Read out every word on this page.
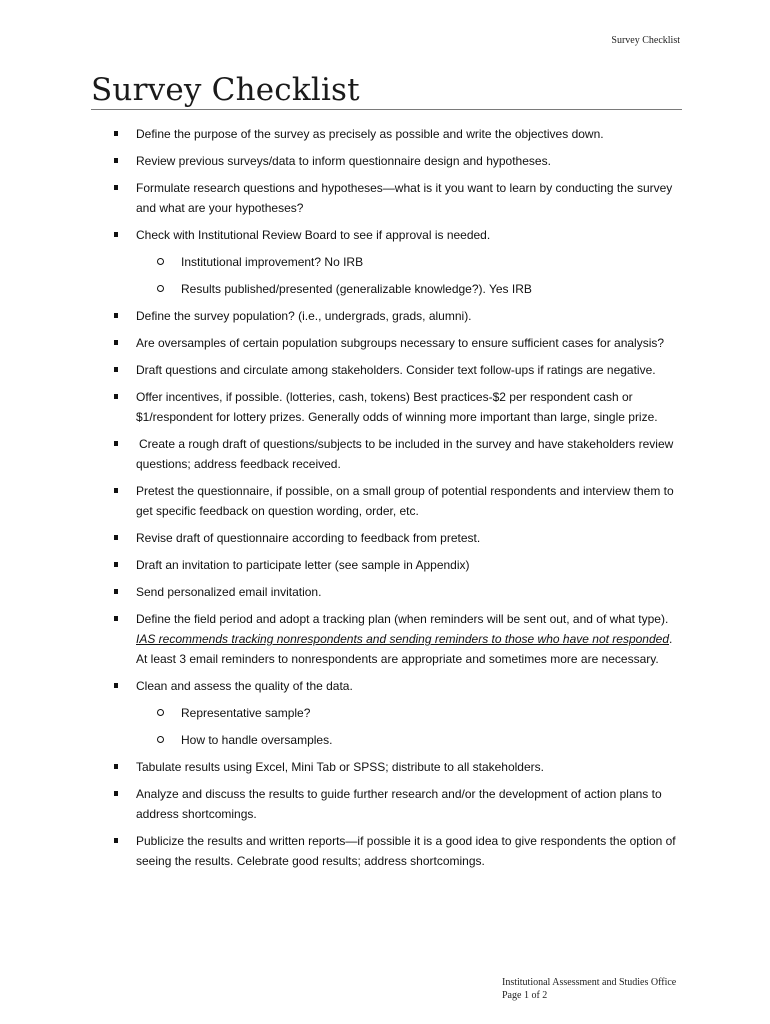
Survey Checklist
Survey Checklist
Define the purpose of the survey as precisely as possible and write the objectives down.
Review previous surveys/data to inform questionnaire design and hypotheses.
Formulate research questions and hypotheses—what is it you want to learn by conducting the survey and what are your hypotheses?
Check with Institutional Review Board to see if approval is needed.
Institutional improvement? No IRB
Results published/presented (generalizable knowledge?). Yes IRB
Define the survey population? (i.e., undergrads, grads, alumni).
Are oversamples of certain population subgroups necessary to ensure sufficient cases for analysis?
Draft questions and circulate among stakeholders. Consider text follow-ups if ratings are negative.
Offer incentives, if possible. (lotteries, cash, tokens) Best practices-$2 per respondent cash or $1/respondent for lottery prizes. Generally odds of winning more important than large, single prize.
Create a rough draft of questions/subjects to be included in the survey and have stakeholders review questions; address feedback received.
Pretest the questionnaire, if possible, on a small group of potential respondents and interview them to get specific feedback on question wording, order, etc.
Revise draft of questionnaire according to feedback from pretest.
Draft an invitation to participate letter (see sample in Appendix)
Send personalized email invitation.
Define the field period and adopt a tracking plan (when reminders will be sent out, and of what type). IAS recommends tracking nonrespondents and sending reminders to those who have not responded. At least 3 email reminders to nonrespondents are appropriate and sometimes more are necessary.
Clean and assess the quality of the data.
Representative sample?
How to handle oversamples.
Tabulate results using Excel, Mini Tab or SPSS; distribute to all stakeholders.
Analyze and discuss the results to guide further research and/or the development of action plans to address shortcomings.
Publicize the results and written reports—if possible it is a good idea to give respondents the option of seeing the results. Celebrate good results; address shortcomings.
Institutional Assessment and Studies Office
Page 1 of 2
